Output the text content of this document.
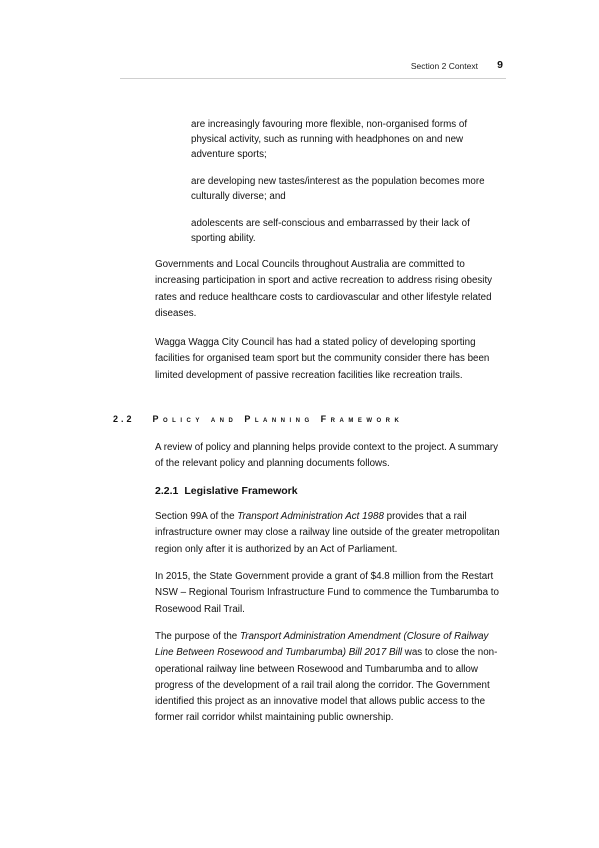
Section 2 Context 9

are increasingly favouring more flexible, non-organised forms of physical activity, such as running with headphones on and new adventure sports;

are developing new tastes/interest as the population becomes more culturally diverse; and

adolescents are self-conscious and embarrassed by their lack of sporting ability.

Governments and Local Councils throughout Australia are committed to increasing participation in sport and active recreation to address rising obesity rates and reduce healthcare costs to cardiovascular and other lifestyle related diseases.

Wagga Wagga City Council has had a stated policy of developing sporting facilities for organised team sport but the community consider there has been limited development of passive recreation facilities like recreation trails.

2.2 Policy and Planning Framework

A review of policy and planning helps provide context to the project. A summary of the relevant policy and planning documents follows.

2.2.1 Legislative Framework

Section 99A of the Transport Administration Act 1988 provides that a rail infrastructure owner may close a railway line outside of the greater metropolitan region only after it is authorized by an Act of Parliament.

In 2015, the State Government provide a grant of $4.8 million from the Restart NSW – Regional Tourism Infrastructure Fund to commence the Tumbarumba to Rosewood Rail Trail.

The purpose of the Transport Administration Amendment (Closure of Railway Line Between Rosewood and Tumbarumba) Bill 2017 Bill was to close the non-operational railway line between Rosewood and Tumbarumba and to allow progress of the development of a rail trail along the corridor. The Government identified this project as an innovative model that allows public access to the former rail corridor whilst maintaining public ownership.
